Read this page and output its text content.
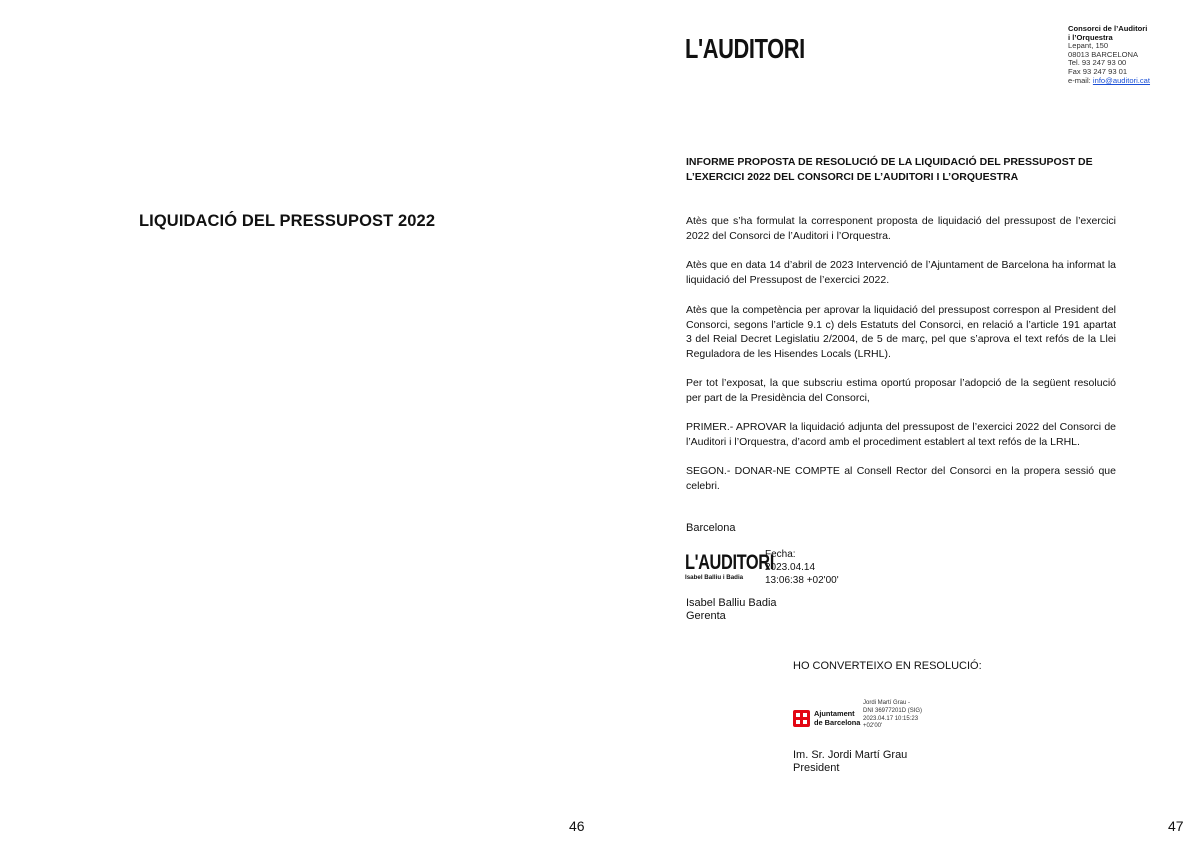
LIQUIDACIÓ DEL PRESSUPOST 2022
46
L'AUDITORI
Consorci de l’Auditori
i l’Orquestra
Lepant, 150
08013 BARCELONA
Tel. 93 247 93 00
Fax 93 247 93 01
e-mail: info@auditori.cat
INFORME PROPOSTA DE RESOLUCIÓ DE LA LIQUIDACIÓ DEL PRESSUPOST DE L’EXERCICI 2022 DEL CONSORCI DE L’AUDITORI I L’ORQUESTRA
Atès que s’ha formulat la corresponent proposta de liquidació del pressupost de l’exercici 2022 del Consorci de l’Auditori i l’Orquestra.
Atès que en data 14 d’abril de 2023 Intervenció de l’Ajuntament de Barcelona ha informat la liquidació del Pressupost de l’exercici 2022.
Atès que la competència per aprovar la liquidació del pressupost correspon al President del Consorci, segons l’article 9.1 c) dels Estatuts del Consorci, en relació a l’article 191 apartat 3 del Reial Decret Legislatiu 2/2004, de 5 de març, pel que s’aprova el text refós de la Llei Reguladora de les Hisendes Locals (LRHL).
Per tot l’exposat, la que subscriu estima oportú proposar l’adopció de la següent resolució per part de la Presidència del Consorci,
PRIMER.- APROVAR la liquidació adjunta del pressupost de l’exercici 2022 del Consorci de l’Auditori i l’Orquestra, d’acord amb el procediment establert al text refós de la LRHL.
SEGON.- DONAR-NE COMPTE al Consell Rector del Consorci en la propera sessió que celebri.
Barcelona
L'AUDITORI
Isabel Balliu i Badia
Fecha:
2023.04.14
13:06:38 +02'00'
Isabel Balliu Badia
Gerenta
HO CONVERTEIXO EN RESOLUCIÓ:
Ajuntament
de Barcelona
Jordi Martí Grau -
DNI 36977201D (SIG)
2023.04.17 10:15:23
+02'00'
Im. Sr. Jordi Martí Grau
President
47
